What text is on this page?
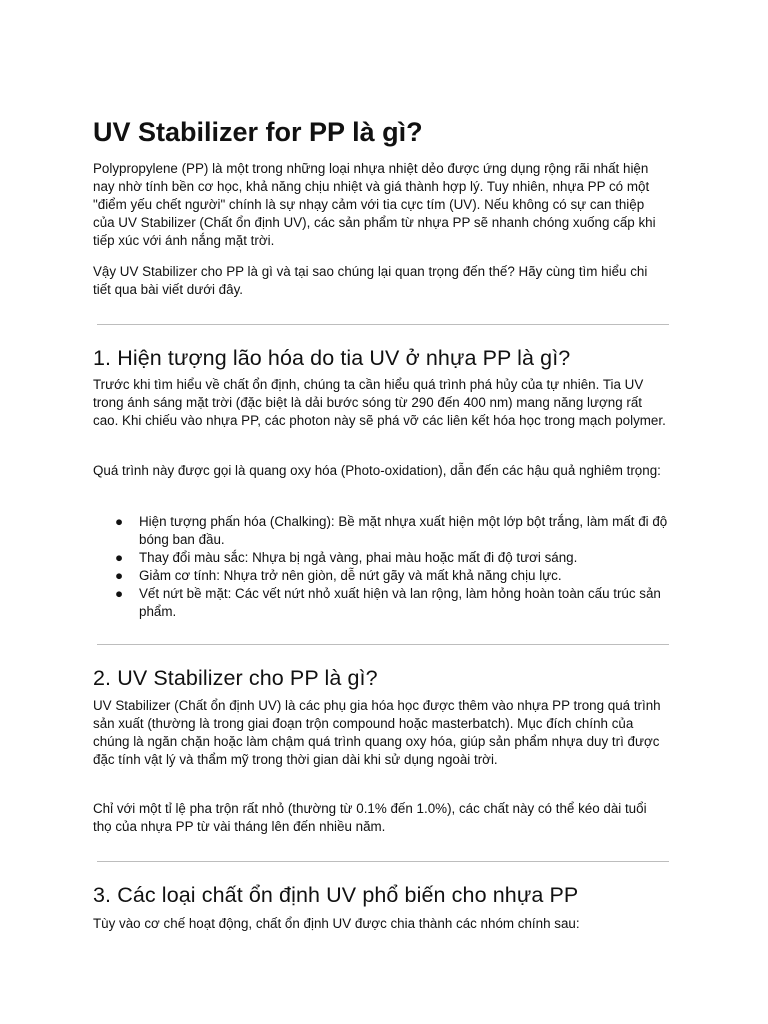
UV Stabilizer for PP là gì?

Polypropylene (PP) là một trong những loại nhựa nhiệt dẻo được ứng dụng rộng rãi nhất hiện nay nhờ tính bền cơ học, khả năng chịu nhiệt và giá thành hợp lý. Tuy nhiên, nhựa PP có một "điểm yếu chết người" chính là sự nhạy cảm với tia cực tím (UV). Nếu không có sự can thiệp của UV Stabilizer (Chất ổn định UV), các sản phẩm từ nhựa PP sẽ nhanh chóng xuống cấp khi tiếp xúc với ánh nắng mặt trời.

Vậy UV Stabilizer cho PP là gì và tại sao chúng lại quan trọng đến thế? Hãy cùng tìm hiểu chi tiết qua bài viết dưới đây.

1. Hiện tượng lão hóa do tia UV ở nhựa PP là gì?

Trước khi tìm hiểu về chất ổn định, chúng ta cần hiểu quá trình phá hủy của tự nhiên. Tia UV trong ánh sáng mặt trời (đặc biệt là dải bước sóng từ 290 đến 400 nm) mang năng lượng rất cao. Khi chiếu vào nhựa PP, các photon này sẽ phá vỡ các liên kết hóa học trong mạch polymer.

Quá trình này được gọi là quang oxy hóa (Photo-oxidation), dẫn đến các hậu quả nghiêm trọng:

● Hiện tượng phấn hóa (Chalking): Bề mặt nhựa xuất hiện một lớp bột trắng, làm mất đi độ bóng ban đầu.
● Thay đổi màu sắc: Nhựa bị ngả vàng, phai màu hoặc mất đi độ tươi sáng.
● Giảm cơ tính: Nhựa trở nên giòn, dễ nứt gãy và mất khả năng chịu lực.
● Vết nứt bề mặt: Các vết nứt nhỏ xuất hiện và lan rộng, làm hỏng hoàn toàn cấu trúc sản phẩm.
2. UV Stabilizer cho PP là gì?

UV Stabilizer (Chất ổn định UV) là các phụ gia hóa học được thêm vào nhựa PP trong quá trình sản xuất (thường là trong giai đoạn trộn compound hoặc masterbatch). Mục đích chính của chúng là ngăn chặn hoặc làm chậm quá trình quang oxy hóa, giúp sản phẩm nhựa duy trì được đặc tính vật lý và thẩm mỹ trong thời gian dài khi sử dụng ngoài trời.

Chỉ với một tỉ lệ pha trộn rất nhỏ (thường từ 0.1% đến 1.0%), các chất này có thể kéo dài tuổi thọ của nhựa PP từ vài tháng lên đến nhiều năm.

3. Các loại chất ổn định UV phổ biến cho nhựa PP

Tùy vào cơ chế hoạt động, chất ổn định UV được chia thành các nhóm chính sau:
